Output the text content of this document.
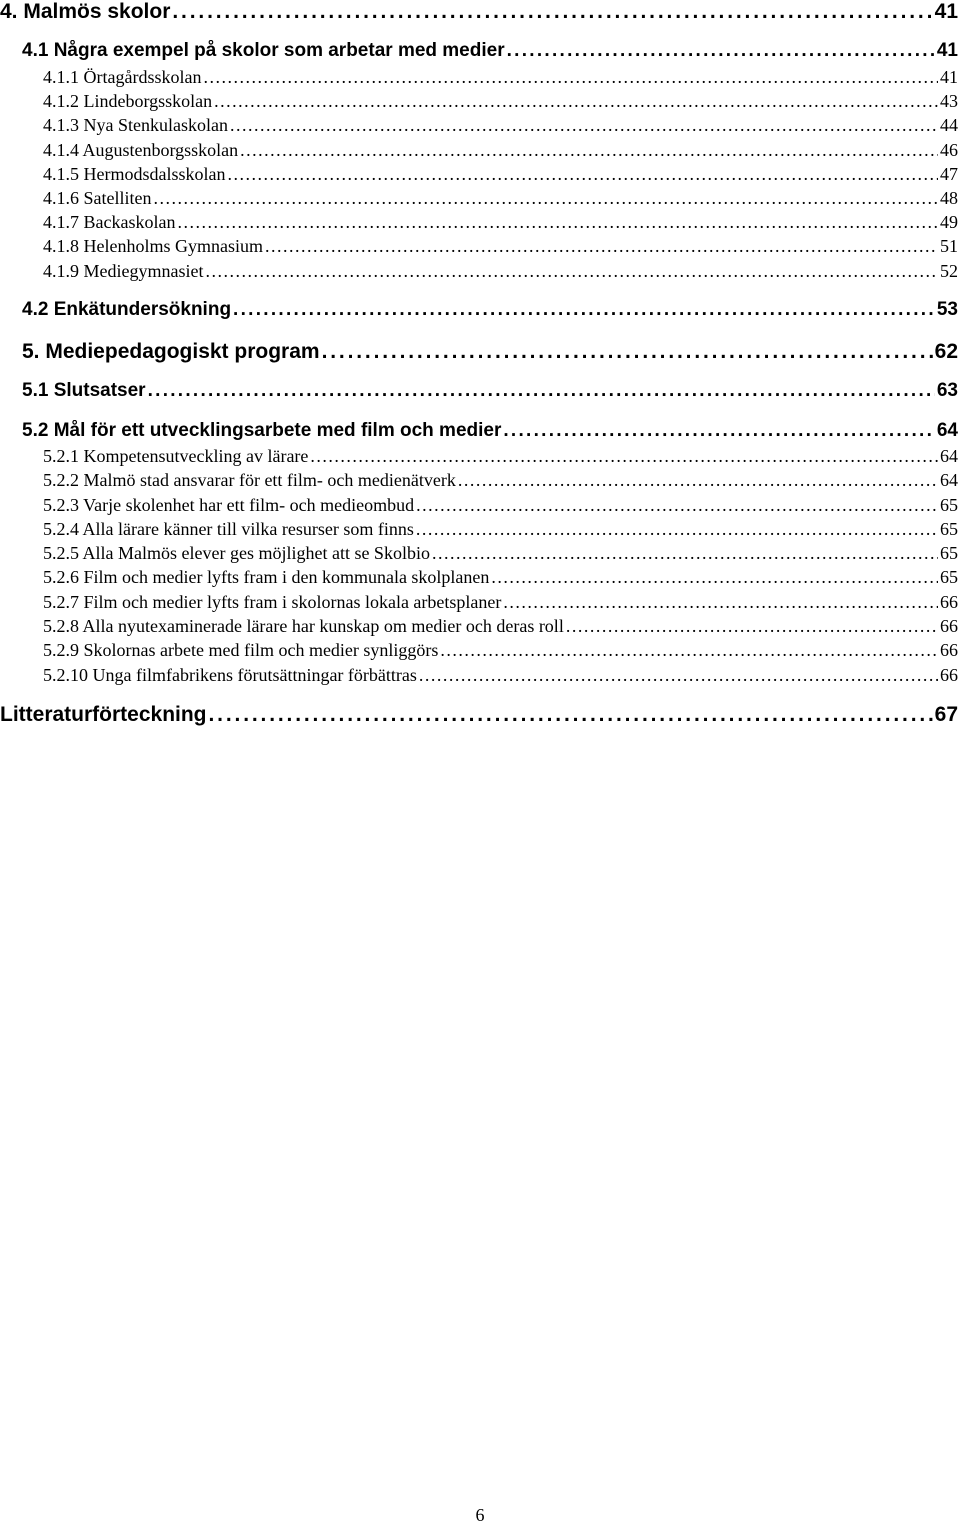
4. Malmös skolor . . .	41
4.1 Några exempel på skolor som arbetar med medier . . .	41
4.1.1 Örtagårdsskolan . . .	41
4.1.2 Lindeborgsskolan . . .	43
4.1.3 Nya Stenkulaskolan . . .	44
4.1.4 Augustenborgsskolan . . .	46
4.1.5 Hermodsdalsskolan . . .	47
4.1.6 Satelliten . . .	48
4.1.7 Backaskolan . . .	49
4.1.8 Helenholms Gymnasium . . .	51
4.1.9 Mediegymnasiet . . .	52
4.2 Enkätundersökning . . .	53
5. Mediepedagogiskt program . . .	62
5.1 Slutsatser . . .	63
5.2 Mål för ett utvecklingsarbete med film och medier . . .	64
5.2.1 Kompetensutveckling av lärare . . .	64
5.2.2 Malmö stad ansvarar för ett film- och medienätverk . . .	64
5.2.3 Varje skolenhet har ett film- och medieombud . . .	65
5.2.4 Alla lärare känner till vilka resurser som finns . . .	65
5.2.5 Alla Malmös elever ges möjlighet att se Skolbio . . .	65
5.2.6 Film och medier lyfts fram i den kommunala skolplanen . . .	65
5.2.7 Film och medier lyfts fram i skolornas lokala arbetsplaner . . .	66
5.2.8 Alla nyutexaminerade lärare har kunskap om medier och deras roll . . .	66
5.2.9 Skolornas arbete med film och medier synliggörs . . .	66
5.2.10 Unga filmfabrikens förutsättningar förbättras . . .	66
Litteraturförteckning . . .	67
6
